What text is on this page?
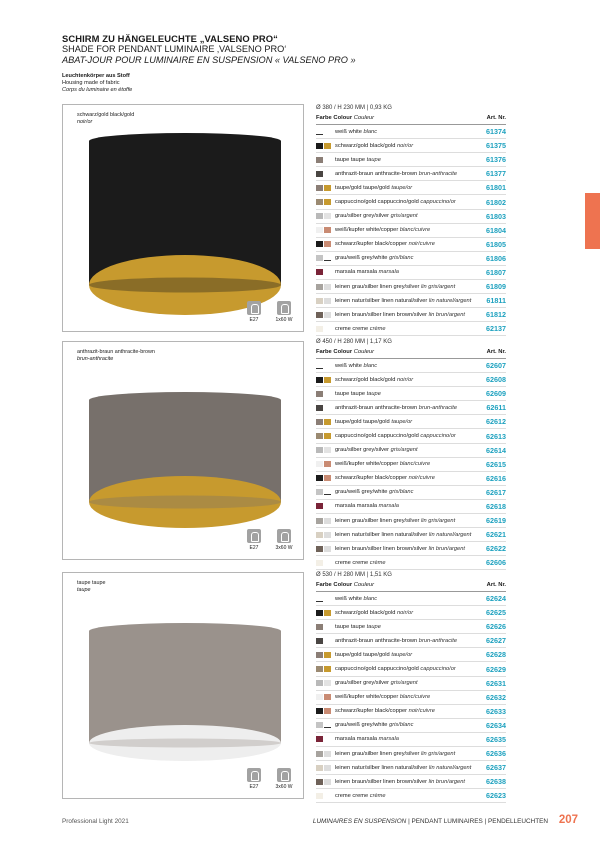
SCHIRM ZU HÄNGELEUCHTE „VALSENO PRO“
SHADE FOR PENDANT LUMINAIRE ‚VALSENO PRO‘
ABAT-JOUR POUR LUMINAIRE EN SUSPENSION « VALSENO PRO »
Leuchtenkörper aus Stoff
Housing made of fabric
Corps du luminaire en étoffe
schwarz/gold black/gold
noir/or
E27	1x60 W
Ø 380 / H 230 MM | 0,93 KG
Farbe Colour Couleur	Art. Nr.
weiß white blanc	61374
schwarz/gold black/gold noir/or	61375
taupe taupe taupe	61376
anthrazit-braun anthracite-brown brun-anthracite	61377
taupe/gold taupe/gold taupe/or	61801
cappuccino/gold cappuccino/gold cappuccino/or	61802
grau/silber grey/silver gris/argent	61803
weiß/kupfer white/copper blanc/cuivre	61804
schwarz/kupfer black/copper noir/cuivre	61805
grau/weiß grey/white gris/blanc	61806
marsala marsala marsala	61807
leinen grau/silber linen grey/silver lin gris/argent	61809
leinen natur/silber linen natural/silver lin naturel/argent	61811
leinen braun/silber linen brown/silver lin brun/argent	61812
creme creme crème	62137
anthrazit-braun anthracite-brown
brun-anthracite
E27	3x60 W
Ø 450 / H 280 MM | 1,17 KG
Farbe Colour Couleur	Art. Nr.
weiß white blanc	62607
schwarz/gold black/gold noir/or	62608
taupe taupe taupe	62609
anthrazit-braun anthracite-brown brun-anthracite	62611
taupe/gold taupe/gold taupe/or	62612
cappuccino/gold cappuccino/gold cappuccino/or	62613
grau/silber grey/silver gris/argent	62614
weiß/kupfer white/copper blanc/cuivre	62615
schwarz/kupfer black/copper noir/cuivre	62616
grau/weiß grey/white gris/blanc	62617
marsala marsala marsala	62618
leinen grau/silber linen grey/silver lin gris/argent	62619
leinen natur/silber linen natural/silver lin naturel/argent	62621
leinen braun/silber linen brown/silver lin brun/argent	62622
creme creme crème	62606
taupe taupe
taupe
E27	3x60 W
Ø 530 / H 280 MM | 1,51 KG
Farbe Colour Couleur	Art. Nr.
weiß white blanc	62624
schwarz/gold black/gold noir/or	62625
taupe taupe taupe	62626
anthrazit-braun anthracite-brown brun-anthracite	62627
taupe/gold taupe/gold taupe/or	62628
cappuccino/gold cappuccino/gold cappuccino/or	62629
grau/silber grey/silver gris/argent	62631
weiß/kupfer white/copper blanc/cuivre	62632
schwarz/kupfer black/copper noir/cuivre	62633
grau/weiß grey/white gris/blanc	62634
marsala marsala marsala	62635
leinen grau/silber linen grey/silver lin gris/argent	62636
leinen natur/silber linen natural/silver lin naturel/argent	62637
leinen braun/silber linen brown/silver lin brun/argent	62638
creme creme crème	62623
Professional Light 2021	LUMINAIRES EN SUSPENSION | PENDANT LUMINAIRES | PENDELLEUCHTEN 207
